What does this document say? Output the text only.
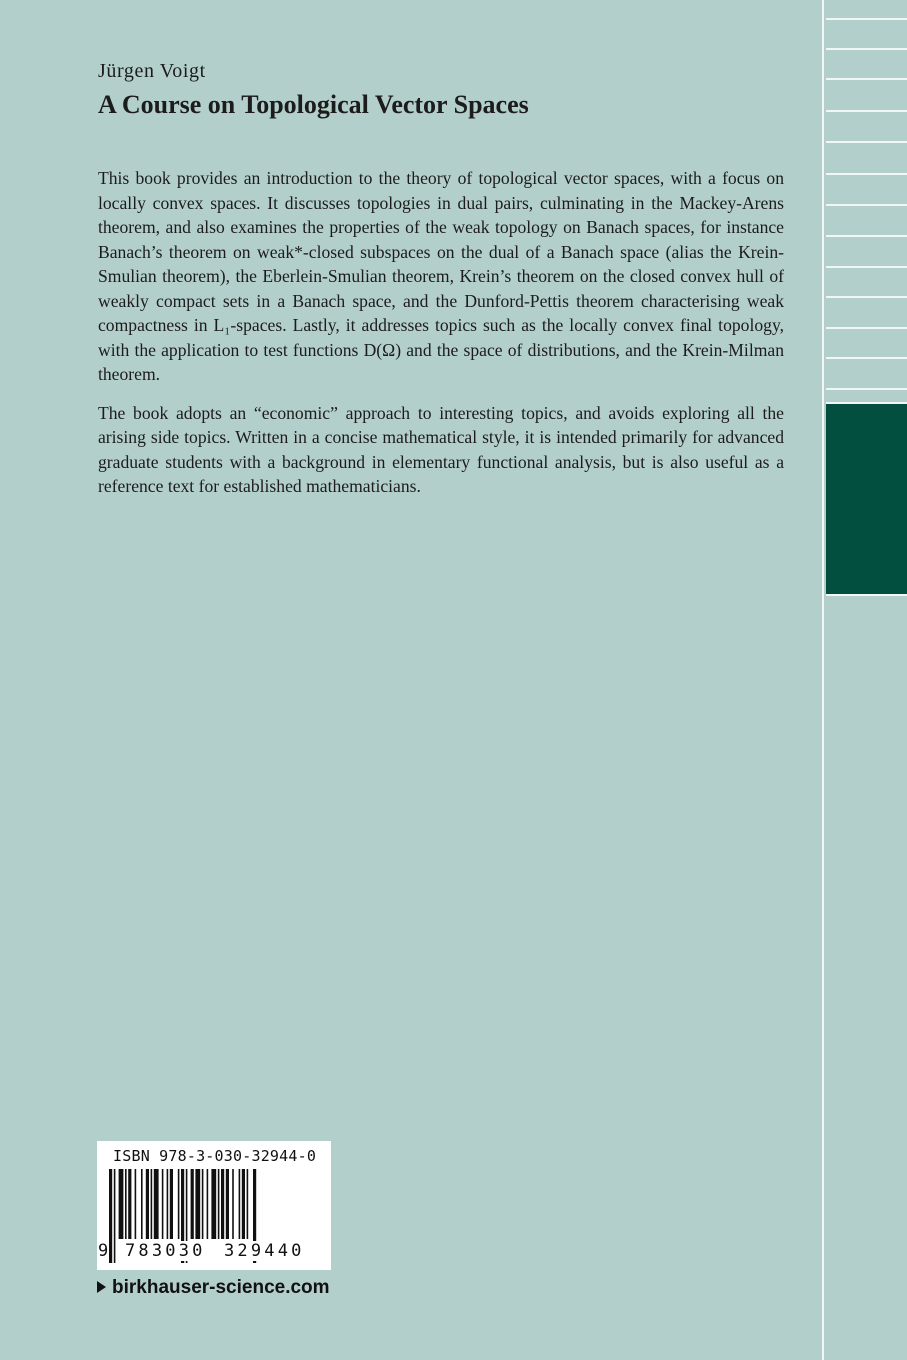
Jürgen Voigt
A Course on Topological Vector Spaces

This book provides an introduction to the theory of topological vector spaces, with a focus on locally convex spaces. It discusses topologies in dual pairs, culminating in the Mackey-Arens theorem, and also examines the properties of the weak topology on Banach spaces, for instance Banach’s theorem on weak*-closed subspaces on the dual of a Banach space (alias the Krein-Smulian theorem), the Eberlein-Smulian theorem, Krein’s theorem on the closed convex hull of weakly compact sets in a Banach space, and the Dunford-Pettis theorem characterising weak compactness in L₁-spaces. Lastly, it addresses topics such as the locally convex final topology, with the application to test functions D(Ω) and the space of distributions, and the Krein-Milman theorem.

The book adopts an “economic” approach to interesting topics, and avoids exploring all the arising side topics. Written in a concise mathematical style, it is intended primarily for advanced graduate students with a background in elementary functional analysis, but is also useful as a reference text for established mathematicians.

ISBN 978-3-030-32944-0
9 783030 329440
birkhauser-science.com
